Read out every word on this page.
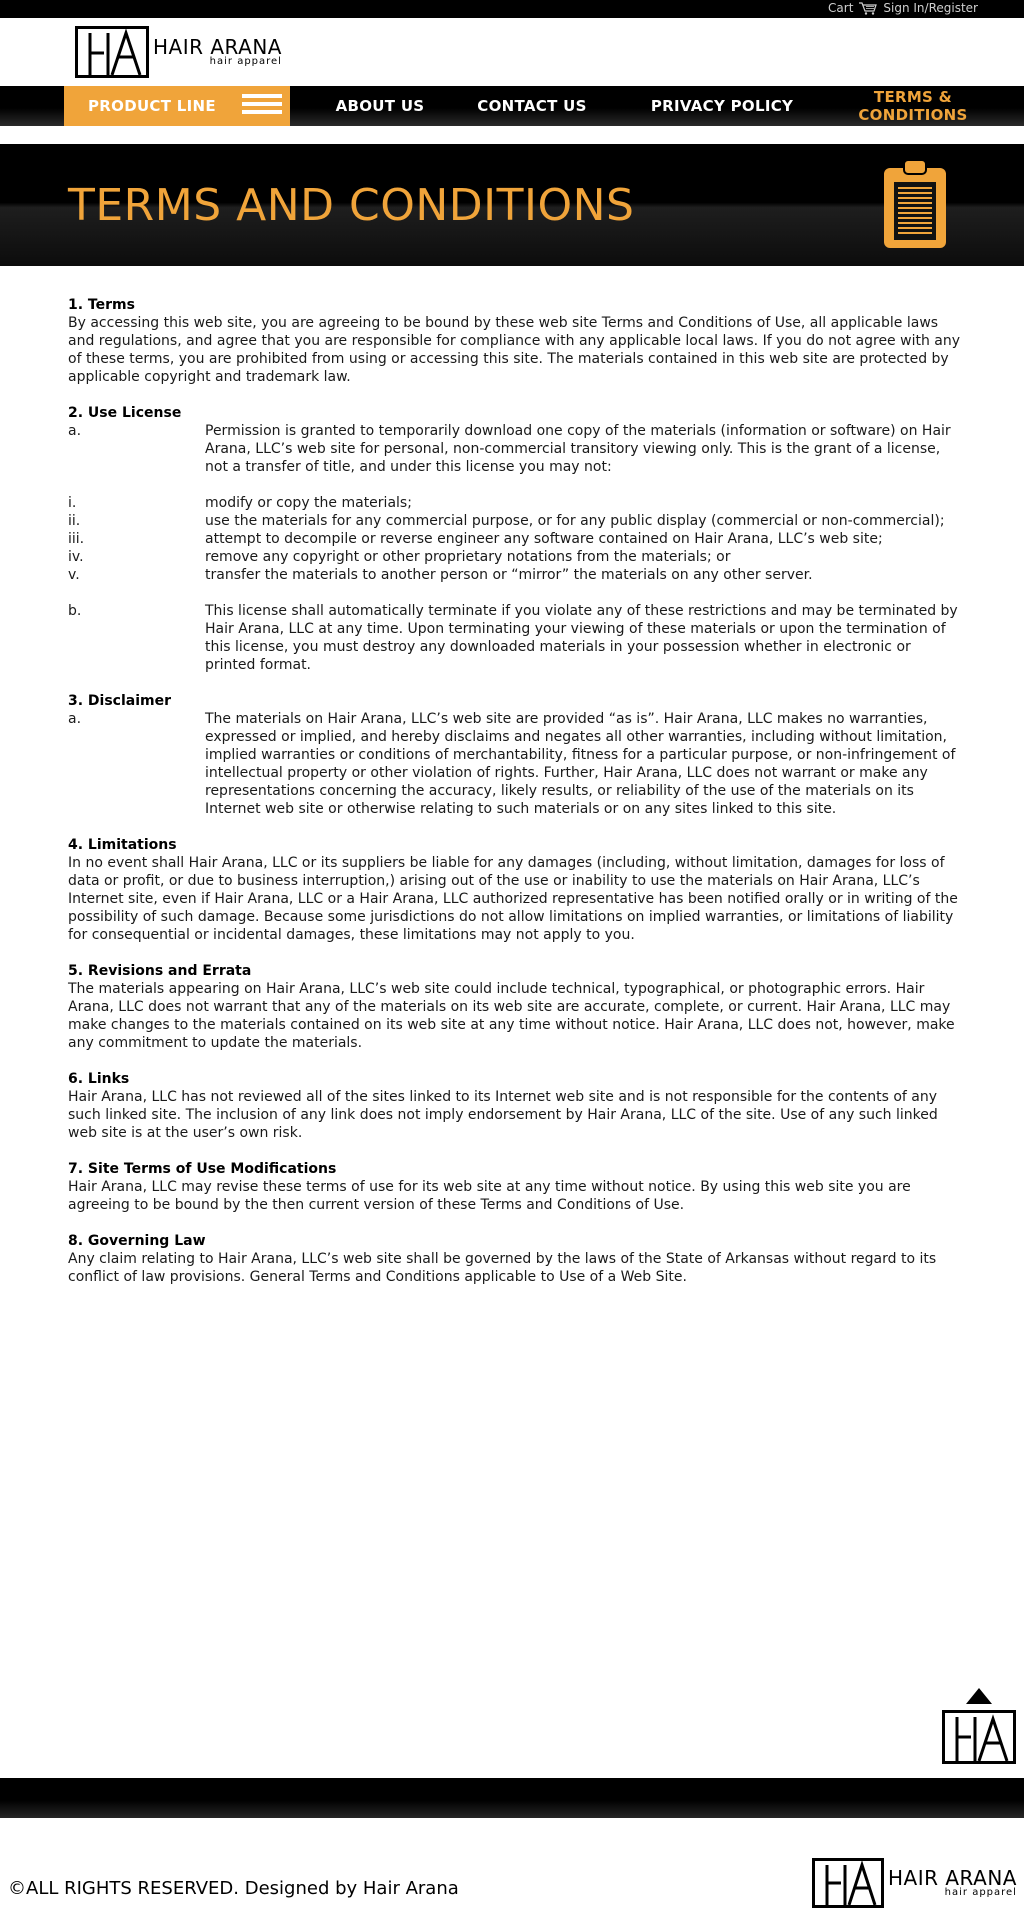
Cart	Sign In/Register
HAIR ARANA
hair apparel
PRODUCT LINE	ABOUT US	CONTACT US	PRIVACY POLICY	TERMS & CONDITIONS
TERMS AND CONDITIONS
1. Terms

By accessing this web site, you are agreeing to be bound by these web site Terms and Conditions of Use, all applicable laws and regulations, and agree that you are responsible for compliance with any applicable local laws. If you do not agree with any of these terms, you are prohibited from using or accessing this site. The materials contained in this web site are protected by applicable copyright and trademark law.

2. Use License
a.	Permission is granted to temporarily download one copy of the materials (information or software) on Hair Arana, LLC’s web site for personal, non-commercial transitory viewing only. This is the grant of a license, not a transfer of title, and under this license you may not:
i.	modify or copy the materials;
ii.	use the materials for any commercial purpose, or for any public display (commercial or non-commercial);
iii.	attempt to decompile or reverse engineer any software contained on Hair Arana, LLC’s web site;
iv.	remove any copyright or other proprietary notations from the materials; or
v.	transfer the materials to another person or “mirror” the materials on any other server.
b.	This license shall automatically terminate if you violate any of these restrictions and may be terminated by Hair Arana, LLC at any time. Upon terminating your viewing of these materials or upon the termination of this license, you must destroy any downloaded materials in your possession whether in electronic or printed format.
3. Disclaimer
a.	The materials on Hair Arana, LLC’s web site are provided “as is”. Hair Arana, LLC makes no warranties, expressed or implied, and hereby disclaims and negates all other warranties, including without limitation, implied warranties or conditions of merchantability, fitness for a particular purpose, or non-infringement of intellectual property or other violation of rights. Further, Hair Arana, LLC does not warrant or make any representations concerning the accuracy, likely results, or reliability of the use of the materials on its Internet web site or otherwise relating to such materials or on any sites linked to this site.
4. Limitations

In no event shall Hair Arana, LLC or its suppliers be liable for any damages (including, without limitation, damages for loss of data or profit, or due to business interruption,) arising out of the use or inability to use the materials on Hair Arana, LLC’s Internet site, even if Hair Arana, LLC or a Hair Arana, LLC authorized representative has been notified orally or in writing of the possibility of such damage. Because some jurisdictions do not allow limitations on implied warranties, or limitations of liability for consequential or incidental damages, these limitations may not apply to you.

5. Revisions and Errata

The materials appearing on Hair Arana, LLC’s web site could include technical, typographical, or photographic errors. Hair Arana, LLC does not warrant that any of the materials on its web site are accurate, complete, or current. Hair Arana, LLC may make changes to the materials contained on its web site at any time without notice. Hair Arana, LLC does not, however, make any commitment to update the materials.

6. Links

Hair Arana, LLC has not reviewed all of the sites linked to its Internet web site and is not responsible for the contents of any such linked site. The inclusion of any link does not imply endorsement by Hair Arana, LLC of the site. Use of any such linked web site is at the user’s own risk.

7. Site Terms of Use Modifications

Hair Arana, LLC may revise these terms of use for its web site at any time without notice. By using this web site you are agreeing to be bound by the then current version of these Terms and Conditions of Use.

8. Governing Law

Any claim relating to Hair Arana, LLC’s web site shall be governed by the laws of the State of Arkansas without regard to its conflict of law provisions. General Terms and Conditions applicable to Use of a Web Site.

©ALL RIGHTS RESERVED. Designed by Hair Arana	HAIR ARANA
hair apparel
